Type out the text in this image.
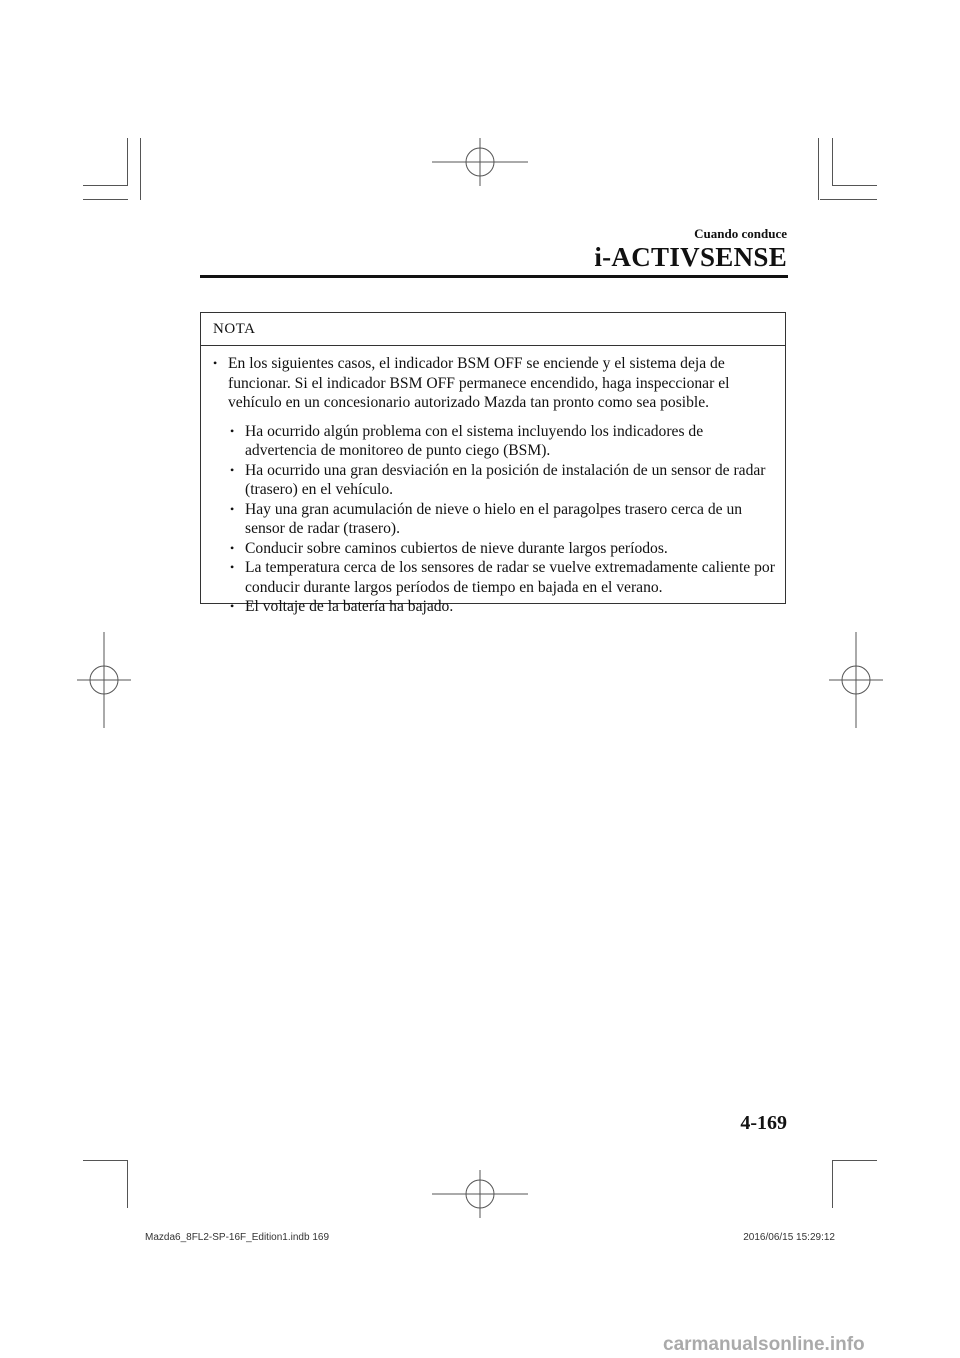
Cuando conduce
i-ACTIVSENSE
NOTA
• En los siguientes casos, el indicador BSM OFF se enciende y el sistema deja de funcionar. Si el indicador BSM OFF permanece encendido, haga inspeccionar el vehículo en un concesionario autorizado Mazda tan pronto como sea posible.
• Ha ocurrido algún problema con el sistema incluyendo los indicadores de advertencia de monitoreo de punto ciego (BSM).
• Ha ocurrido una gran desviación en la posición de instalación de un sensor de radar (trasero) en el vehículo.
• Hay una gran acumulación de nieve o hielo en el paragolpes trasero cerca de un sensor de radar (trasero).
• Conducir sobre caminos cubiertos de nieve durante largos períodos.
• La temperatura cerca de los sensores de radar se vuelve extremadamente caliente por conducir durante largos períodos de tiempo en bajada en el verano.
• El voltaje de la batería ha bajado.
4-169
Mazda6_8FL2-SP-16F_Edition1.indb 169	2016/06/15 15:29:12
carmanualsonline.info
